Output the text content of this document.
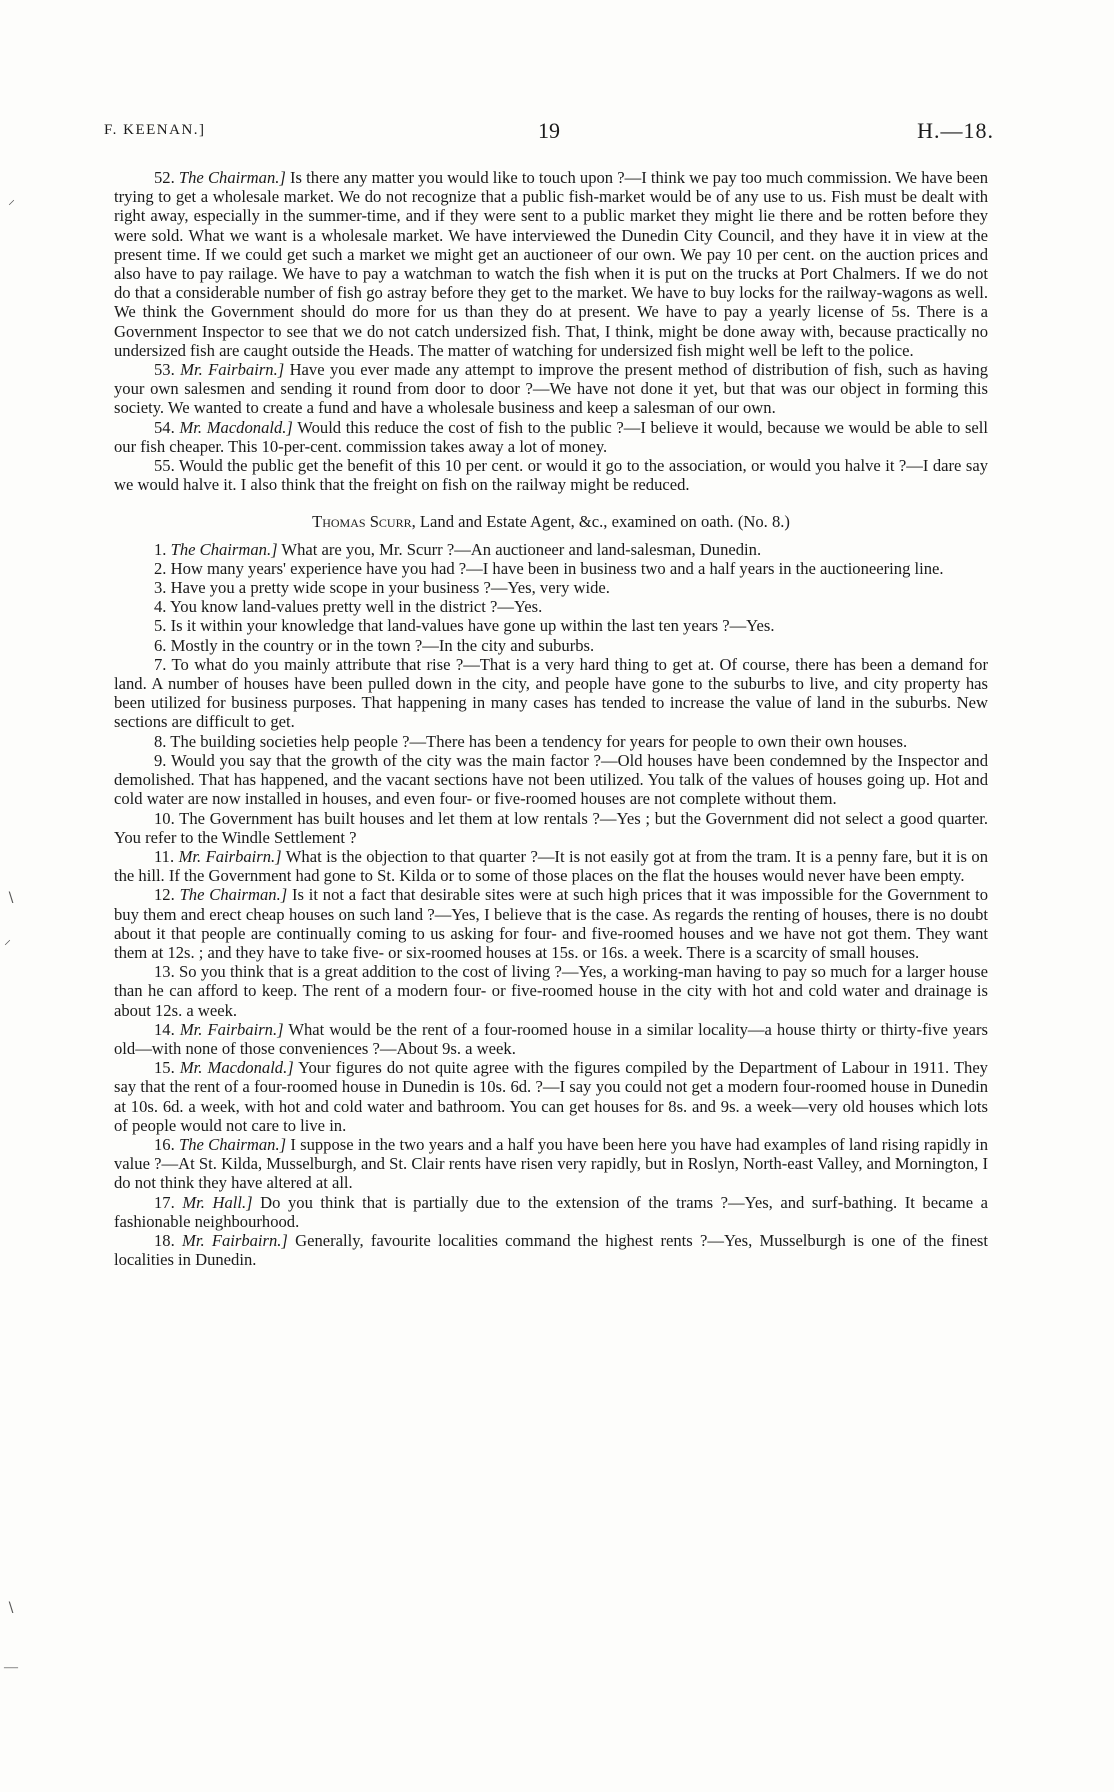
F. KEENAN.]	19	H.—18.

52. The Chairman.] Is there any matter you would like to touch upon ?—I think we pay too much commission. We have been trying to get a wholesale market. We do not recognize that a public fish-market would be of any use to us. Fish must be dealt with right away, especially in the summer-time, and if they were sent to a public market they might lie there and be rotten before they were sold. What we want is a wholesale market. We have interviewed the Dunedin City Council, and they have it in view at the present time. If we could get such a market we might get an auctioneer of our own. We pay 10 per cent. on the auction prices and also have to pay railage. We have to pay a watchman to watch the fish when it is put on the trucks at Port Chalmers. If we do not do that a considerable number of fish go astray before they get to the market. We have to buy locks for the railway-wagons as well. We think the Government should do more for us than they do at present. We have to pay a yearly license of 5s. There is a Government Inspector to see that we do not catch undersized fish. That, I think, might be done away with, because practically no undersized fish are caught outside the Heads. The matter of watching for undersized fish might well be left to the police.

53. Mr. Fairbairn.] Have you ever made any attempt to improve the present method of distribution of fish, such as having your own salesmen and sending it round from door to door ?—We have not done it yet, but that was our object in forming this society. We wanted to create a fund and have a wholesale business and keep a salesman of our own.

54. Mr. Macdonald.] Would this reduce the cost of fish to the public ?—I believe it would, because we would be able to sell our fish cheaper. This 10-per-cent. commission takes away a lot of money.

55. Would the public get the benefit of this 10 per cent. or would it go to the association, or would you halve it ?—I dare say we would halve it. I also think that the freight on fish on the railway might be reduced.

Thomas Scurr, Land and Estate Agent, &c., examined on oath. (No. 8.)

1. The Chairman.] What are you, Mr. Scurr ?—An auctioneer and land-salesman, Dunedin.

2. How many years' experience have you had ?—I have been in business two and a half years in the auctioneering line.

3. Have you a pretty wide scope in your business ?—Yes, very wide.

4. You know land-values pretty well in the district ?—Yes.

5. Is it within your knowledge that land-values have gone up within the last ten years ?—Yes.

6. Mostly in the country or in the town ?—In the city and suburbs.

7. To what do you mainly attribute that rise ?—That is a very hard thing to get at. Of course, there has been a demand for land. A number of houses have been pulled down in the city, and people have gone to the suburbs to live, and city property has been utilized for business purposes. That happening in many cases has tended to increase the value of land in the suburbs. New sections are difficult to get.

8. The building societies help people ?—There has been a tendency for years for people to own their own houses.

9. Would you say that the growth of the city was the main factor ?—Old houses have been condemned by the Inspector and demolished. That has happened, and the vacant sections have not been utilized. You talk of the values of houses going up. Hot and cold water are now installed in houses, and even four- or five-roomed houses are not complete without them.

10. The Government has built houses and let them at low rentals ?—Yes ; but the Government did not select a good quarter. You refer to the Windle Settlement ?

11. Mr. Fairbairn.] What is the objection to that quarter ?—It is not easily got at from the tram. It is a penny fare, but it is on the hill. If the Government had gone to St. Kilda or to some of those places on the flat the houses would never have been empty.

12. The Chairman.] Is it not a fact that desirable sites were at such high prices that it was impossible for the Government to buy them and erect cheap houses on such land ?—Yes, I believe that is the case. As regards the renting of houses, there is no doubt about it that people are continually coming to us asking for four- and five-roomed houses and we have not got them. They want them at 12s. ; and they have to take five- or six-roomed houses at 15s. or 16s. a week. There is a scarcity of small houses.

13. So you think that is a great addition to the cost of living ?—Yes, a working-man having to pay so much for a larger house than he can afford to keep. The rent of a modern four- or five-roomed house in the city with hot and cold water and drainage is about 12s. a week.

14. Mr. Fairbairn.] What would be the rent of a four-roomed house in a similar locality—a house thirty or thirty-five years old—with none of those conveniences ?—About 9s. a week.

15. Mr. Macdonald.] Your figures do not quite agree with the figures compiled by the Department of Labour in 1911. They say that the rent of a four-roomed house in Dunedin is 10s. 6d. ?—I say you could not get a modern four-roomed house in Dunedin at 10s. 6d. a week, with hot and cold water and bathroom. You can get houses for 8s. and 9s. a week—very old houses which lots of people would not care to live in.

16. The Chairman.] I suppose in the two years and a half you have been here you have had examples of land rising rapidly in value ?—At St. Kilda, Musselburgh, and St. Clair rents have risen very rapidly, but in Roslyn, North-east Valley, and Mornington, I do not think they have altered at all.

17. Mr. Hall.] Do you think that is partially due to the extension of the trams ?—Yes, and surf-bathing. It became a fashionable neighbourhood.

18. Mr. Fairbairn.] Generally, favourite localities command the highest rents ?—Yes, Musselburgh is one of the finest localities in Dunedin.

⸝
∖
⸝
∖
—
